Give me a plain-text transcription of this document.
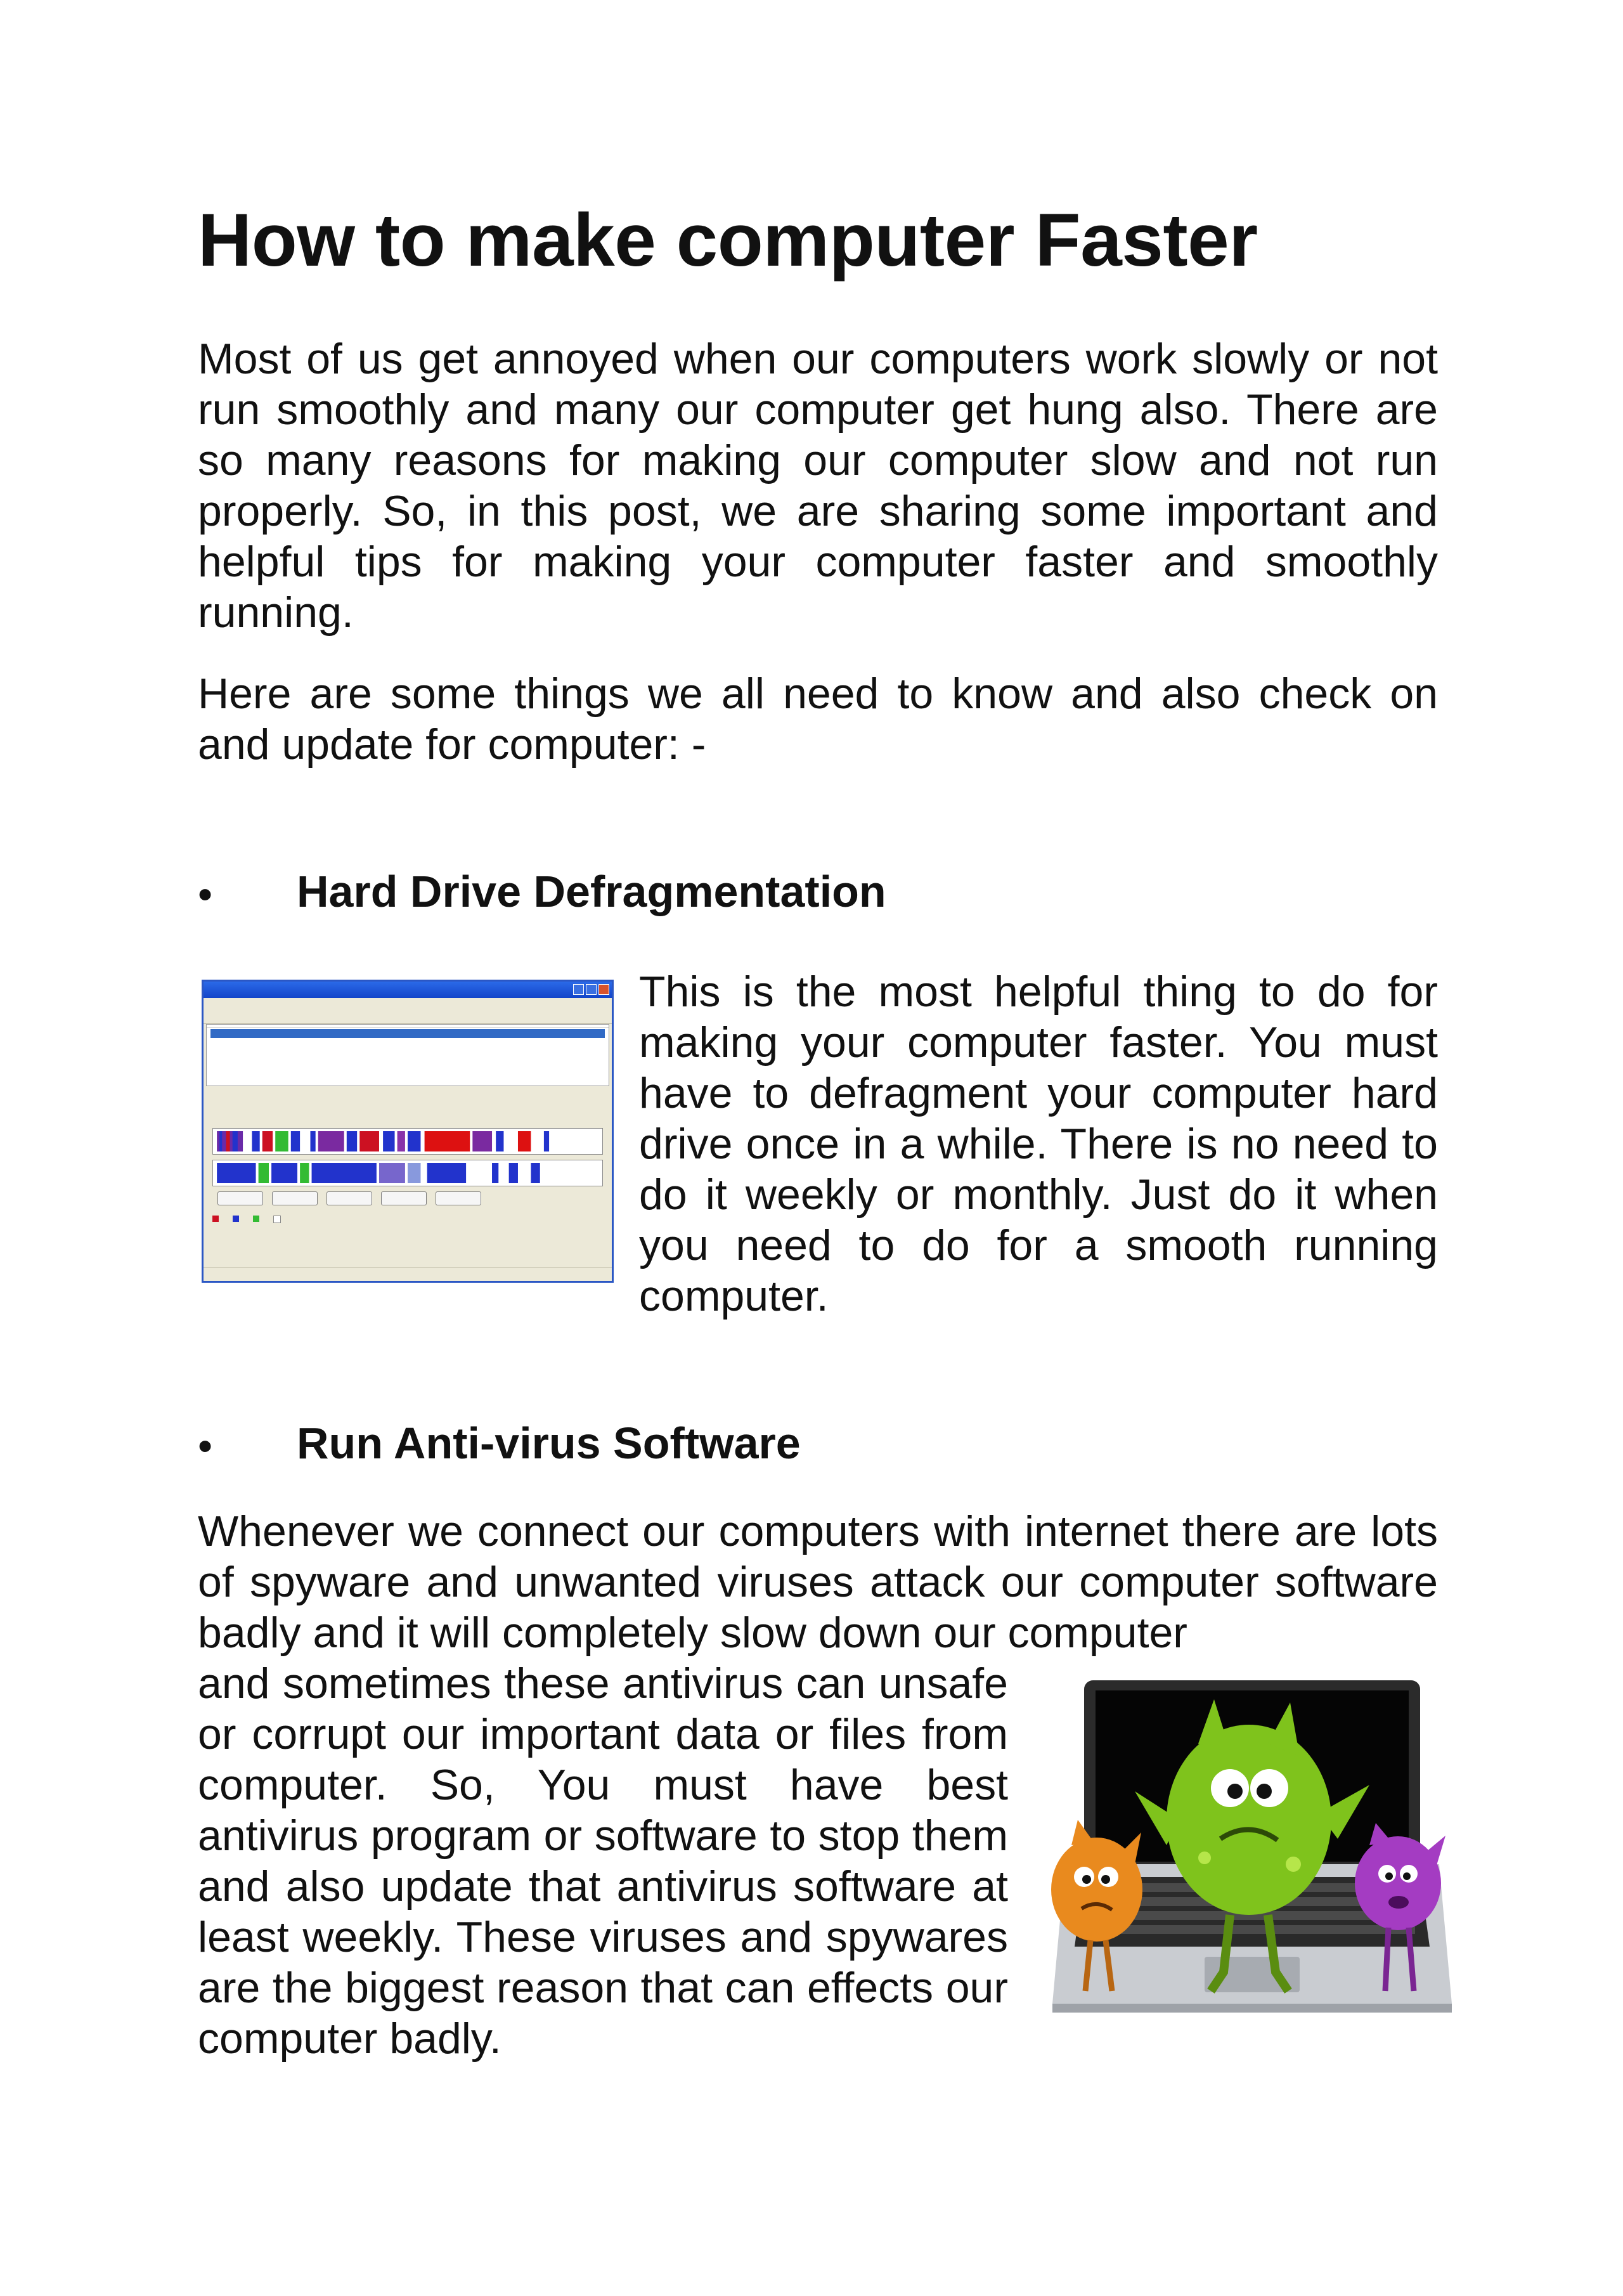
How to make computer Faster

Most of us get annoyed when our computers work slowly or not run smoothly and many our computer get hung also. There are so many reasons for making our computer slow and not run properly. So, in this post, we are sharing some important and helpful tips for making your computer faster and smoothly running.

Here are some things we all need to know and also check on and update for computer: -

•	Hard Drive Defragmentation

This is the most helpful thing to do for making your computer faster. You must have to defragment your computer hard drive once in a while. There is no need to do it weekly or monthly. Just do it when you need to do for a smooth running computer.

•	Run Anti-virus Software

Whenever we connect our computers with internet there are lots of spyware and unwanted viruses attack our computer software badly and it will completely slow down our computer

and sometimes these antivirus can unsafe or corrupt our important data or files from computer. So, You must have best antivirus program or software to stop them and also update that antivirus software at least weekly. These viruses and spywares are the biggest reason that can effects our computer badly.
